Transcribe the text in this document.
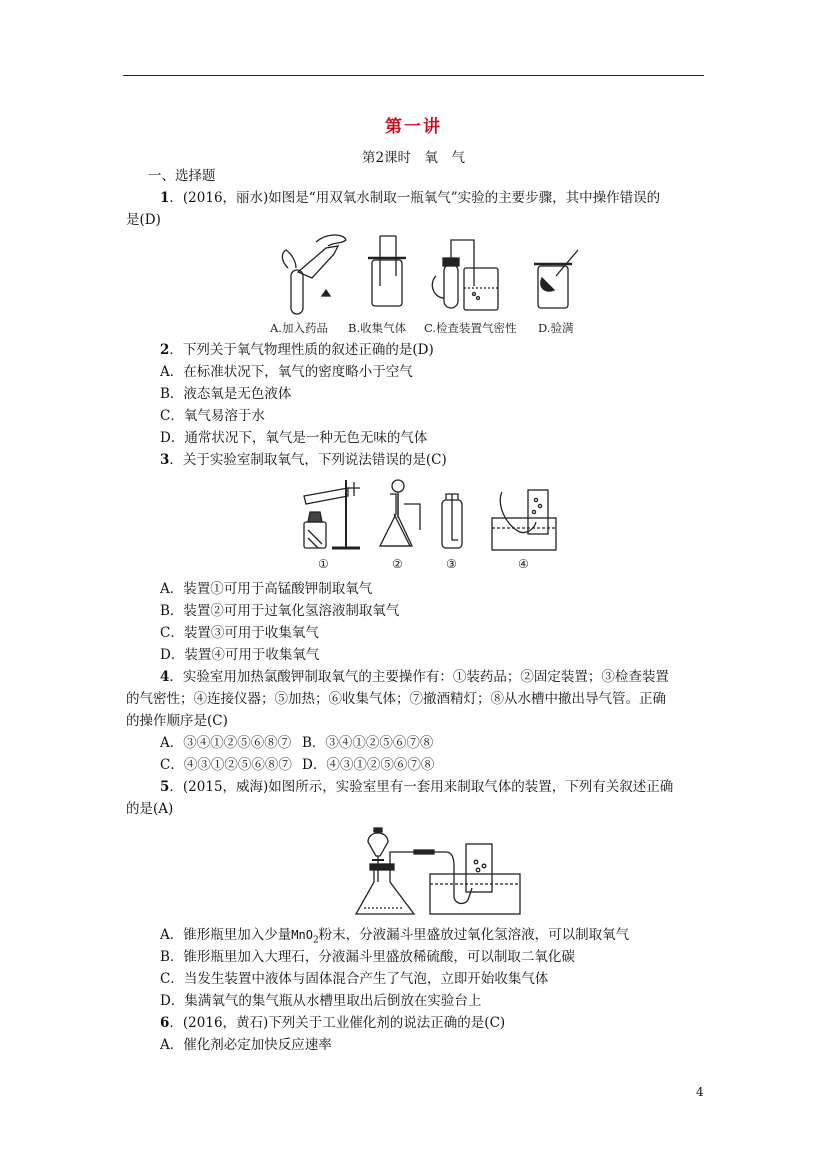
第一讲
第2课时　氧　气
一、选择题
1．(2016，丽水)如图是“用双氧水制取一瓶氧气”实验的主要步骤，其中操作错误的
是(D)
A.加入药品 B.收集气体 C.检查装置气密性 D.验满
2．下列关于氧气物理性质的叙述正确的是(D)
A．在标准状况下，氧气的密度略小于空气
B．液态氧是无色液体
C．氧气易溶于水
D．通常状况下，氧气是一种无色无味的气体
3．关于实验室制取氧气，下列说法错误的是(C)
①	②	③	④
A．装置①可用于高锰酸钾制取氧气
B．装置②可用于过氧化氢溶液制取氧气
C．装置③可用于收集氧气
D．装置④可用于收集氧气
4．实验室用加热氯酸钾制取氧气的主要操作有：①装药品；②固定装置；③检查装置
的气密性；④连接仪器；⑤加热；⑥收集气体；⑦撤酒精灯；⑧从水槽中撤出导气管。正确
的操作顺序是(C)
A．③④①②⑤⑥⑧⑦ B．③④①②⑤⑥⑦⑧
C．④③①②⑤⑥⑧⑦ D．④③①②⑤⑥⑦⑧
5．(2015，威海)如图所示，实验室里有一套用来制取气体的装置，下列有关叙述正确
的是(A)
A．锥形瓶里加入少量MnO$_2$粉末，分液漏斗里盛放过氧化氢溶液，可以制取氧气
B．锥形瓶里加入大理石，分液漏斗里盛放稀硫酸，可以制取二氧化碳
C．当发生装置中液体与固体混合产生了气泡，立即开始收集气体
D．集满氧气的集气瓶从水槽里取出后倒放在实验台上
6．(2016，黄石)下列关于工业催化剂的说法正确的是(C)
A．催化剂必定加快反应速率
4
